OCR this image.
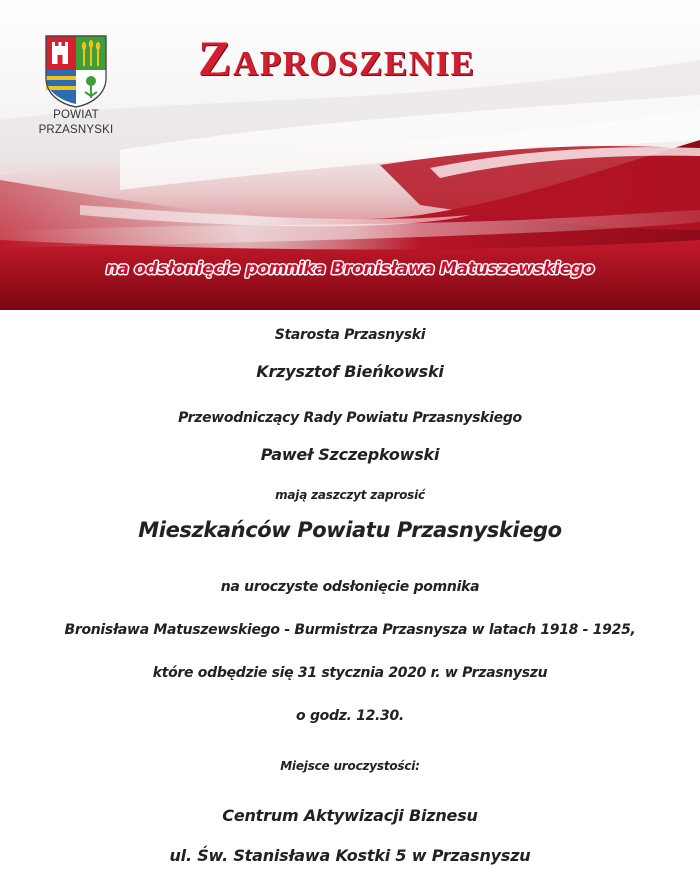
POWIAT
PRZASNYSKI
Zaproszenie
na odsłonięcie pomnika Bronisława Matuszewskiego
Starosta Przasnyski
Krzysztof Bieńkowski
Przewodniczący Rady Powiatu Przasnyskiego
Paweł Szczepkowski
mają zaszczyt zaprosić
Mieszkańców Powiatu Przasnyskiego
na uroczyste odsłonięcie pomnika
Bronisława Matuszewskiego - Burmistrza Przasnysza w latach 1918 - 1925,
które odbędzie się 31 stycznia 2020 r. w Przasnyszu
o godz. 12.30.
Miejsce uroczystości:
Centrum Aktywizacji Biznesu
ul. Św. Stanisława Kostki 5 w Przasnyszu
